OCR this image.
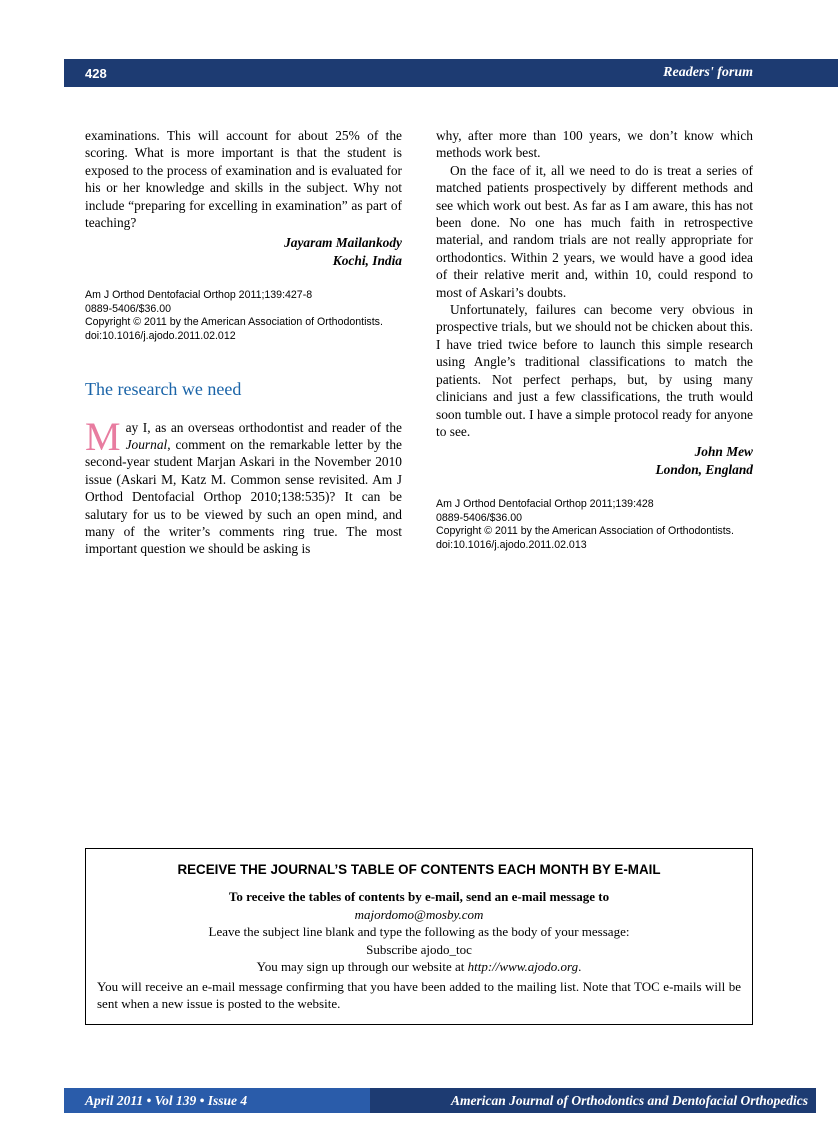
428	Readers' forum

examinations. This will account for about 25% of the scoring. What is more important is that the student is exposed to the process of examination and is evaluated for his or her knowledge and skills in the subject. Why not include “preparing for excelling in examination” as part of teaching?

Jayaram Mailankody
Kochi, India
Am J Orthod Dentofacial Orthop 2011;139:427-8
0889-5406/$36.00
Copyright © 2011 by the American Association of Orthodontists.
doi:10.1016/j.ajodo.2011.02.012
The research we need

May I, as an overseas orthodontist and reader of the Journal, comment on the remarkable letter by the second-year student Marjan Askari in the November 2010 issue (Askari M, Katz M. Common sense revisited. Am J Orthod Dentofacial Orthop 2010;138:535)? It can be salutary for us to be viewed by such an open mind, and many of the writer’s comments ring true. The most important question we should be asking is

why, after more than 100 years, we don’t know which methods work best.

On the face of it, all we need to do is treat a series of matched patients prospectively by different methods and see which work out best. As far as I am aware, this has not been done. No one has much faith in retrospective material, and random trials are not really appropriate for orthodontics. Within 2 years, we would have a good idea of their relative merit and, within 10, could respond to most of Askari’s doubts.

Unfortunately, failures can become very obvious in prospective trials, but we should not be chicken about this. I have tried twice before to launch this simple research using Angle’s traditional classifications to match the patients. Not perfect perhaps, but, by using many clinicians and just a few classifications, the truth would soon tumble out. I have a simple protocol ready for anyone to see.

John Mew
London, England
Am J Orthod Dentofacial Orthop 2011;139:428
0889-5406/$36.00
Copyright © 2011 by the American Association of Orthodontists.
doi:10.1016/j.ajodo.2011.02.013
RECEIVE THE JOURNAL’S TABLE OF CONTENTS EACH MONTH BY E-MAIL
To receive the tables of contents by e-mail, send an e-mail message to
majordomo@mosby.com
Leave the subject line blank and type the following as the body of your message:
Subscribe ajodo_toc
You may sign up through our website at http://www.ajodo.org.

You will receive an e-mail message confirming that you have been added to the mailing list. Note that TOC e-mails will be sent when a new issue is posted to the website.

April 2011 • Vol 139 • Issue 4	American Journal of Orthodontics and Dentofacial Orthopedics
